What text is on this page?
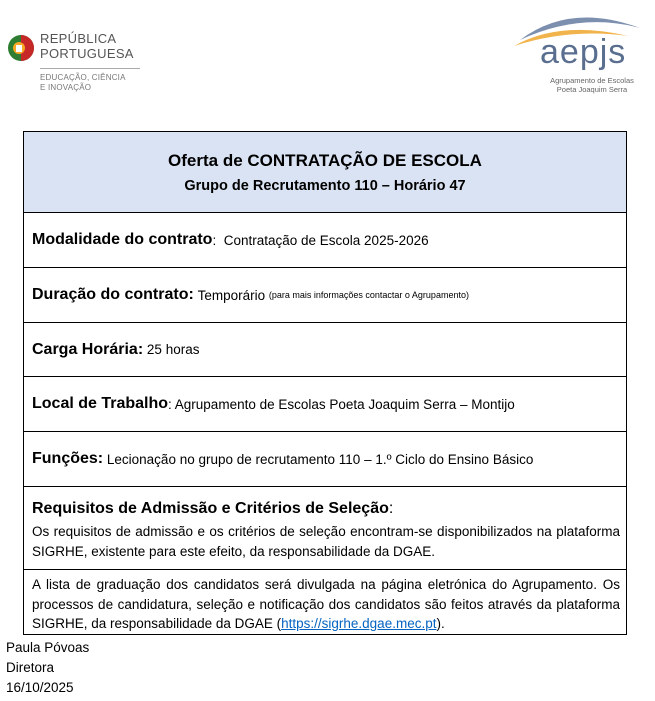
REPÚBLICA
PORTUGUESA
EDUCAÇÃO, CIÊNCIA
E INOVAÇÃO
aepjs
Agrupamento de Escolas
Poeta Joaquim Serra
Oferta de CONTRATAÇÃO DE ESCOLA
Grupo de Recrutamento 110 – Horário 47
Modalidade do contrato : Contratação de Escola 2025-2026
Duração do contrato:
Temporário
(para mais informações contactar o Agrupamento)
Carga Horária:
25 horas
Local de Trabalho : Agrupamento de Escolas Poeta Joaquim Serra – Montijo
Funções:
Lecionação no grupo de recrutamento 110 – 1.º Ciclo do Ensino Básico
Requisitos de Admissão e Critérios de Seleção:
Os requisitos de admissão e os critérios de seleção encontram-se disponibilizados na plataforma SIGRHE, existente para este efeito, da responsabilidade da DGAE.
A lista de graduação dos candidatos será divulgada na página eletrónica do Agrupamento. Os processos de candidatura, seleção e notificação dos candidatos são feitos através da plataforma SIGRHE, da responsabilidade da DGAE (https://sigrhe.dgae.mec.pt).
Paula Póvoas
Diretora
16/10/2025
